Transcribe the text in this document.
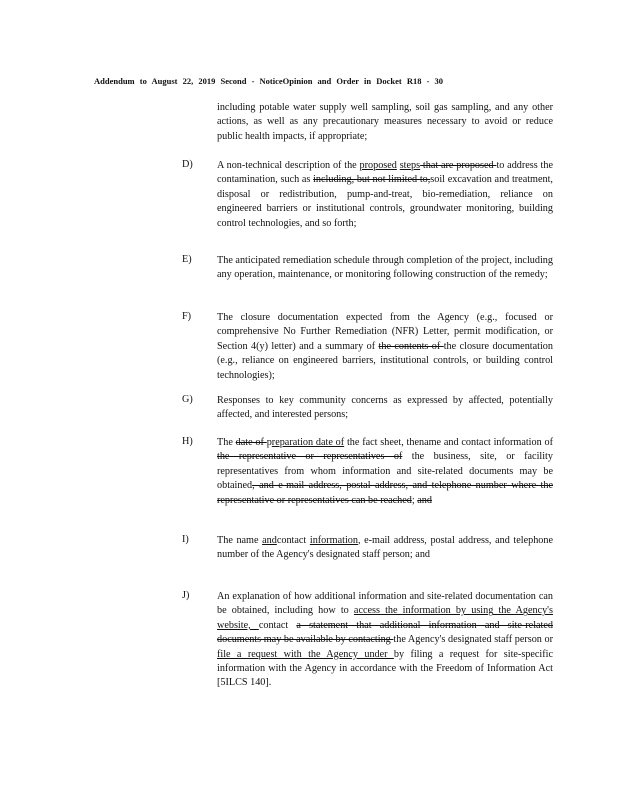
Addendum to August 22, 2019 Second - NoticeOpinion and Order in Docket R18 - 30
including potable water supply well sampling, soil gas sampling, and any other actions, as well as any precautionary measures necessary to avoid or reduce public health impacts, if appropriate;
D)	A non-technical description of the proposed steps that are proposed to address the contamination, such as including, but not limited to,soil excavation and treatment, disposal or redistribution, pump-and-treat, bio-remediation, reliance on engineered barriers or institutional controls, groundwater monitoring, building control technologies, and so forth;
E)	The anticipated remediation schedule through completion of the project, including any operation, maintenance, or monitoring following construction of the remedy;
F)	The closure documentation expected from the Agency (e.g., focused or comprehensive No Further Remediation (NFR) Letter, permit modification, or Section 4(y) letter) and a summary of the contents of the closure documentation (e.g., reliance on engineered barriers, institutional controls, or building control technologies);
G)	Responses to key community concerns as expressed by affected, potentially affected, and interested persons;
H)	The date of preparation date of the fact sheet, thename and contact information of the representative or representatives of the business, site, or facility representatives from whom information and site-related documents may be obtained, and e-mail address, postal address, and telephone number where the representative or representatives can be reached; and
I)	The name andcontact information, e-mail address, postal address, and telephone number of the Agency's designated staff person; and
J)	An explanation of how additional information and site-related documentation can be obtained, including how to access the information by using the Agency's website, contact a statement that additional information and site-related documents may be available by contacting the Agency's designated staff person or file a request with the Agency under by filing a request for site-specific information with the Agency in accordance with the Freedom of Information Act [5ILCS 140].
